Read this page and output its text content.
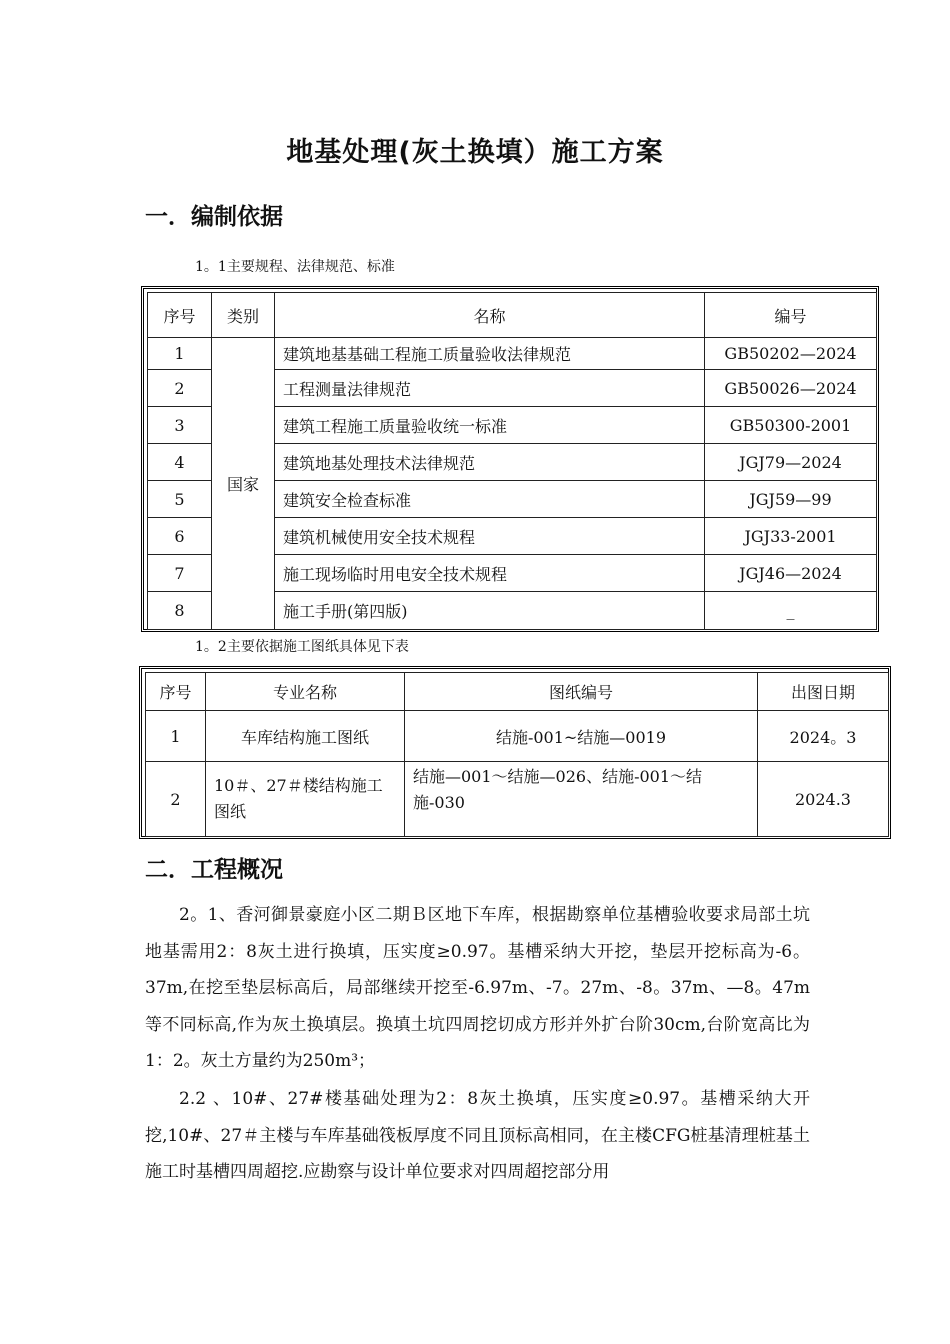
地基处理(灰土换填）施工方案
一．编制依据
1。1主要规程、法律规范、标准
序号	类别	名称	编号
1	国家	建筑地基基础工程施工质量验收法律规范	GB50202—2024
2		工程测量法律规范	GB50026—2024
3		建筑工程施工质量验收统一标准	GB50300-2001
4		建筑地基处理技术法律规范	JGJ79—2024
5		建筑安全检查标准	JGJ59—99
6		建筑机械使用安全技术规程	JGJ33-2001
7		施工现场临时用电安全技术规程	JGJ46—2024
8		施工手册(第四版)	_
1。2主要依据施工图纸具体见下表
序号	专业名称	图纸编号	出图日期
1	车库结构施工图纸	结施-001~结施—0019	2024。3
2	10＃、27＃楼结构施工　图纸	结施—001～结施—026、结施-001～结施-030	2024.3
二．工程概况

2。1、香河御景豪庭小区二期Ｂ区地下车库，根据勘察单位基槽验收要求局部土坑地基需用2：8灰土进行换填，压实度≥0.97。基槽采纳大开挖，垫层开挖标高为-6。37m,在挖至垫层标高后，局部继续开挖至-6.97m、-7。27m、-8。37m、—8。47m等不同标高,作为灰土换填层。换填土坑四周挖切成方形并外扩台阶30cm,台阶宽高比为1：2。灰土方量约为250m³；

2.2 、10#、27#楼基础处理为2：8灰土换填，压实度≥0.97。基槽采纳大开挖,10#、27＃主楼与车库基础筏板厚度不同且顶标高相同，在主楼CFG桩基清理桩基土施工时基槽四周超挖.应勘察与设计单位要求对四周超挖部分用
